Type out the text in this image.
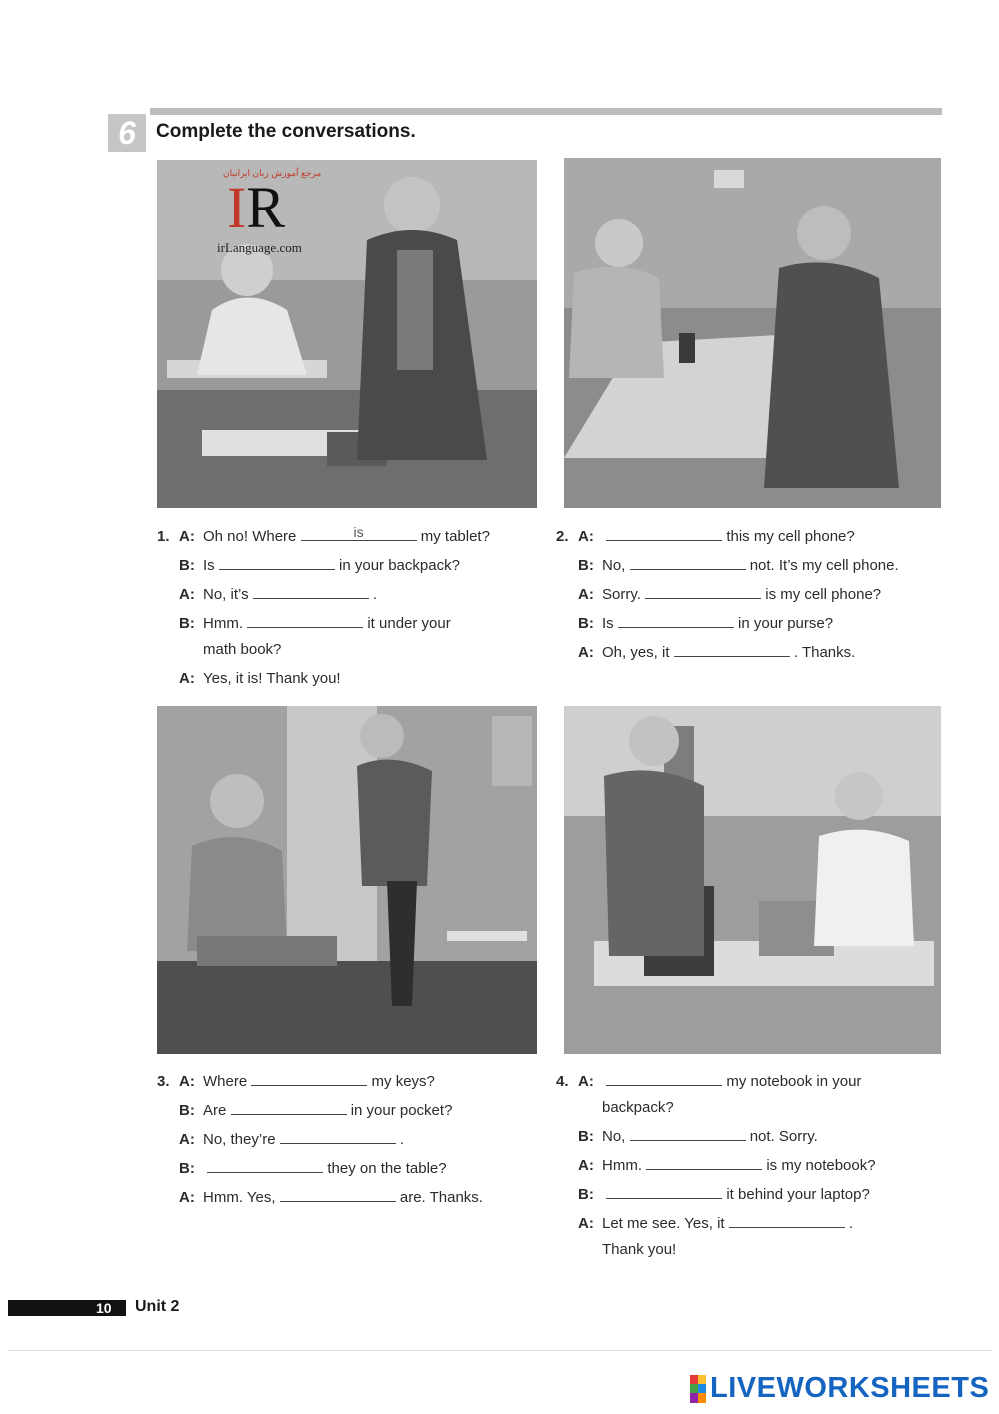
6	Complete the conversations.
مرجع آموزش زبان ایرانیان
IR
irLanguage.com
1. A: Oh no! Where	is	my tablet?
B: Is	in your backpack?
A: No, it’s	.
B: Hmm.	it under your
math book?
A: Yes, it is! Thank you!
2. A:	this my cell phone?
B: No,	not. It’s my cell phone.
A: Sorry.	is my cell phone?
B: Is	in your purse?
A: Oh, yes, it	. Thanks.
3. A: Where	my keys?
B: Are	in your pocket?
A: No, they’re	.
B:	they on the table?
A: Hmm. Yes,	are. Thanks.
4. A:	my notebook in your
backpack?
B: No,	not. Sorry.
A: Hmm.	is my notebook?
B:	it behind your laptop?
A: Let me see. Yes, it	.
Thank you!
10 Unit 2
LIVEWORKSHEETS
